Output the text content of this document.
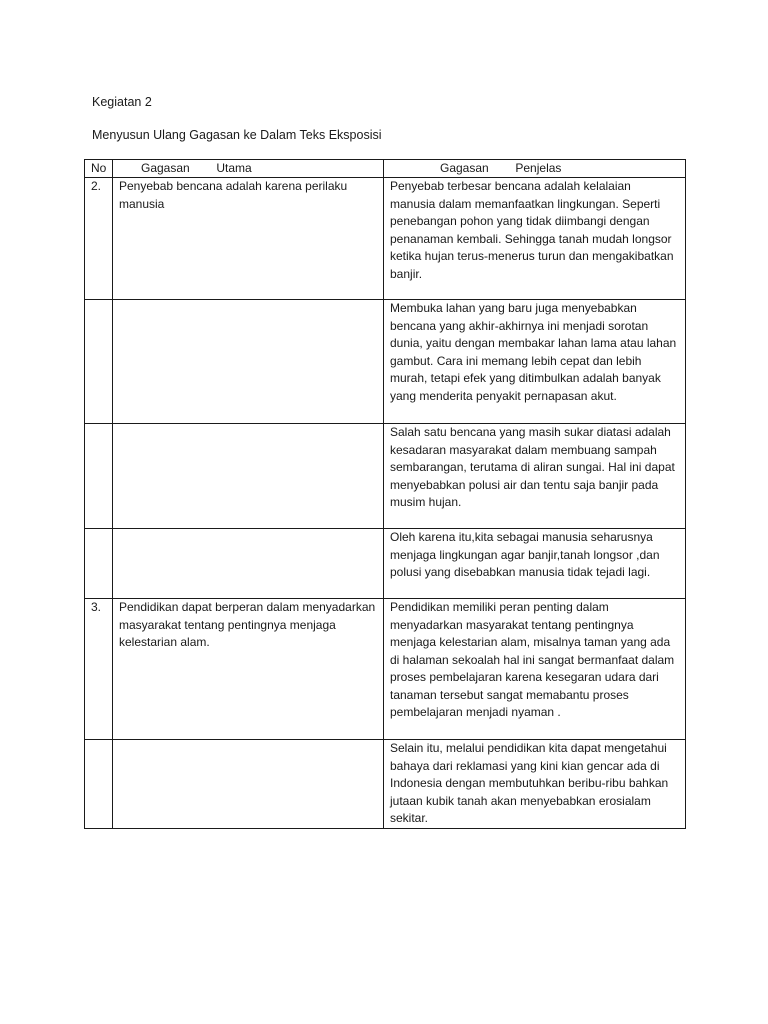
Kegiatan 2

Menyusun Ulang Gagasan ke Dalam Teks Eksposisi

No	Gagasan        Utama	Gagasan        Penjelas
2.	Penyebab bencana adalah karena perilaku manusia	Penyebab terbesar bencana adalah kelalaian manusia dalam memanfaatkan lingkungan. Seperti penebangan pohon yang tidak diimbangi dengan penanaman kembali. Sehingga tanah mudah longsor ketika hujan terus-menerus turun dan mengakibatkan banjir.
		Membuka lahan yang baru juga menyebabkan bencana yang akhir-akhirnya ini menjadi sorotan dunia, yaitu dengan membakar lahan lama atau lahan gambut. Cara ini memang lebih cepat dan lebih murah, tetapi efek yang ditimbulkan adalah banyak yang menderita penyakit pernapasan akut.
		Salah satu bencana yang masih sukar diatasi adalah kesadaran masyarakat dalam membuang sampah sembarangan, terutama di aliran sungai. Hal ini dapat menyebabkan polusi air dan tentu saja banjir pada musim hujan.
		Oleh karena itu,kita sebagai manusia seharusnya menjaga lingkungan agar banjir,tanah longsor ,dan polusi yang disebabkan manusia tidak tejadi lagi.
3.	Pendidikan dapat berperan dalam menyadarkan masyarakat tentang pentingnya menjaga kelestarian alam.	Pendidikan memiliki peran penting dalam menyadarkan masyarakat tentang pentingnya menjaga kelestarian alam, misalnya taman yang ada di halaman sekoalah hal ini sangat bermanfaat dalam proses pembelajaran karena kesegaran udara dari tanaman tersebut sangat memabantu proses pembelajaran menjadi nyaman .
		Selain itu, melalui pendidikan kita dapat mengetahui bahaya dari reklamasi yang kini kian gencar ada di Indonesia dengan membutuhkan beribu-ribu bahkan jutaan kubik tanah akan menyebabkan erosialam sekitar.
